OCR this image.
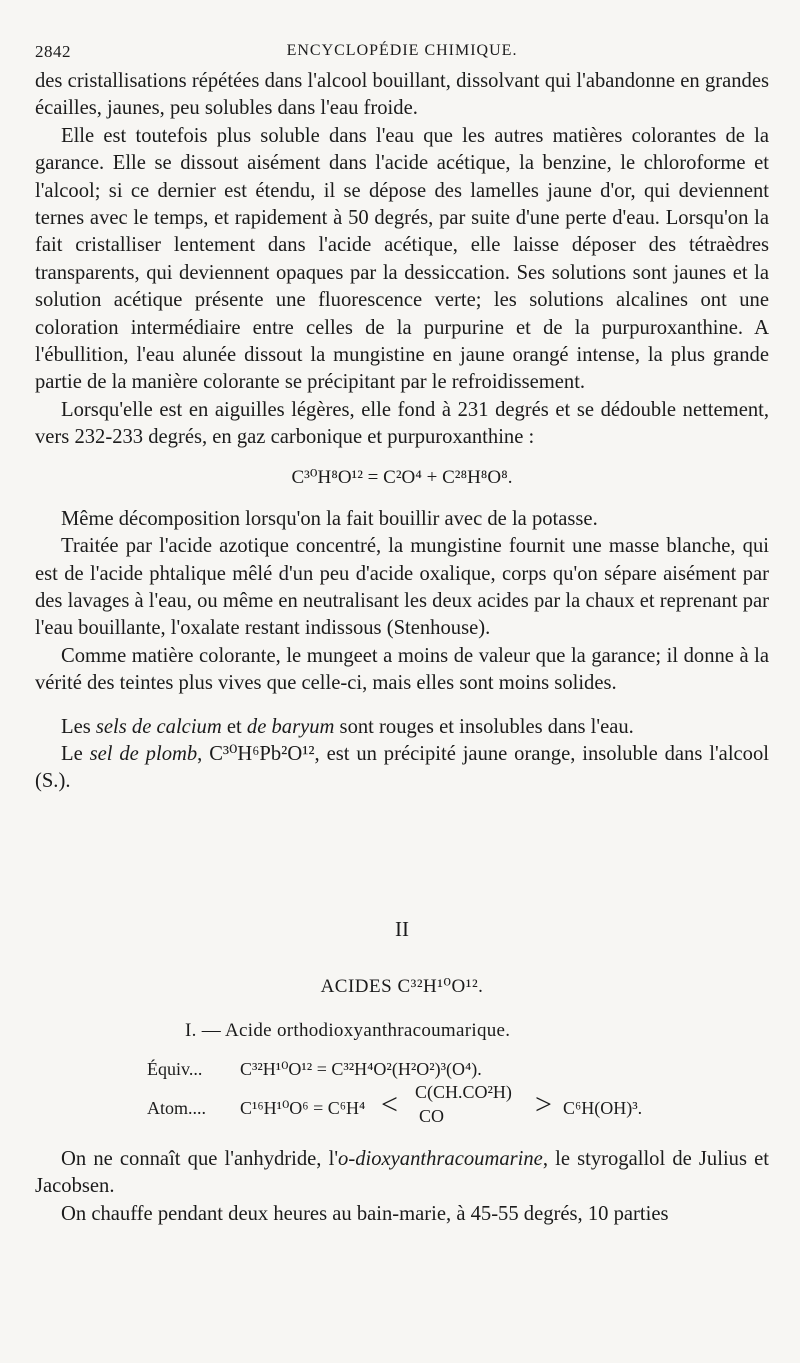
2842	ENCYCLOPÉDIE CHIMIQUE.

des cristallisations répétées dans l'alcool bouillant, dissolvant qui l'abandonne en grandes écailles, jaunes, peu solubles dans l'eau froide.

Elle est toutefois plus soluble dans l'eau que les autres matières colorantes de la garance. Elle se dissout aisément dans l'acide acétique, la benzine, le chloroforme et l'alcool; si ce dernier est étendu, il se dépose des lamelles jaune d'or, qui deviennent ternes avec le temps, et rapidement à 50 degrés, par suite d'une perte d'eau. Lorsqu'on la fait cristalliser lentement dans l'acide acétique, elle laisse déposer des tétraèdres transparents, qui deviennent opaques par la dessiccation. Ses solutions sont jaunes et la solution acétique présente une fluorescence verte; les solutions alcalines ont une coloration intermédiaire entre celles de la purpurine et de la purpuroxanthine. A l'ébullition, l'eau alunée dissout la mungistine en jaune orangé intense, la plus grande partie de la manière colorante se précipitant par le refroidissement.

Lorsqu'elle est en aiguilles légères, elle fond à 231 degrés et se dédouble nettement, vers 232-233 degrés, en gaz carbonique et purpuroxanthine :

C³⁰H⁸O¹² = C²O⁴ + C²⁸H⁸O⁸.

Même décomposition lorsqu'on la fait bouillir avec de la potasse.

Traitée par l'acide azotique concentré, la mungistine fournit une masse blanche, qui est de l'acide phtalique mêlé d'un peu d'acide oxalique, corps qu'on sépare aisément par des lavages à l'eau, ou même en neutralisant les deux acides par la chaux et reprenant par l'eau bouillante, l'oxalate restant indissous (Stenhouse).

Comme matière colorante, le mungeet a moins de valeur que la garance; il donne à la vérité des teintes plus vives que celle-ci, mais elles sont moins solides.

Les sels de calcium et de baryum sont rouges et insolubles dans l'eau.

Le sel de plomb, C³⁰H⁶Pb²O¹², est un précipité jaune orange, insoluble dans l'alcool (S.).

II
ACIDES C³²H¹⁰O¹².
I. — Acide orthodioxyanthracoumarique.
Équiv... C³²H¹⁰O¹² = C³²H⁴O²(H²O²)³(O⁴).
Atom.... C¹⁶H¹⁰O⁶ = C⁶H⁴ < C(CH.CO²H)
CO	> C⁶H(OH)³.

On ne connaît que l'anhydride, l'o-dioxyanthracoumarine, le styrogallol de Julius et Jacobsen.

On chauffe pendant deux heures au bain-marie, à 45-55 degrés, 10 parties
